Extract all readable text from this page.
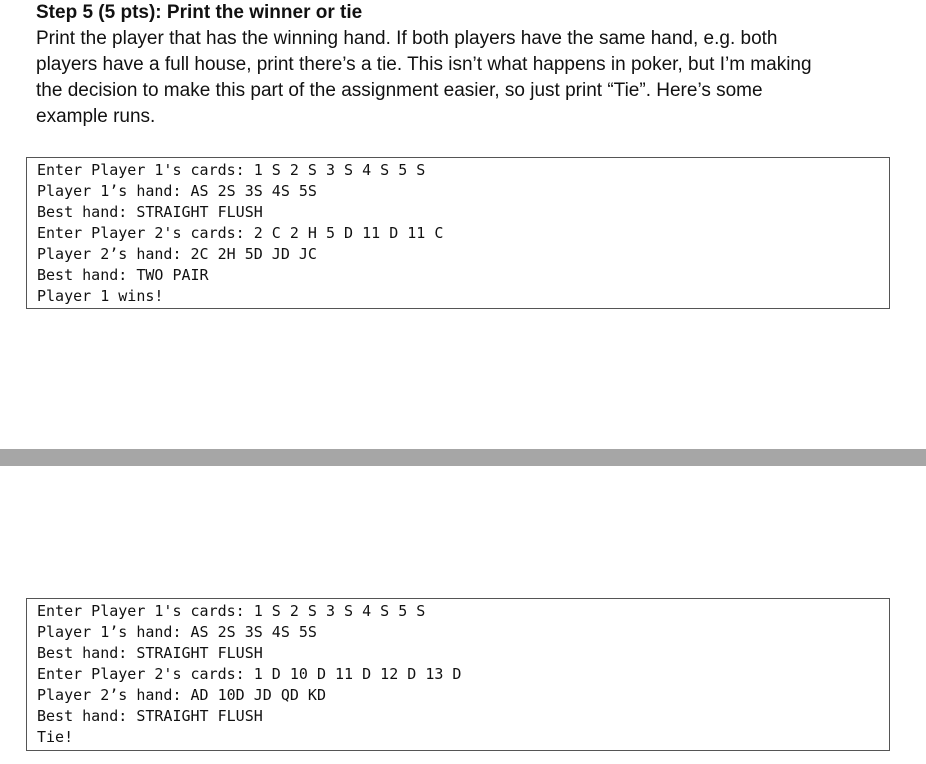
Step 5 (5 pts): Print the winner or tie
Print the player that has the winning hand. If both players have the same hand, e.g. both
players have a full house, print there’s a tie. This isn’t what happens in poker, but I’m making
the decision to make this part of the assignment easier, so just print “Tie”. Here’s some
example runs.
Enter Player 1's cards: 1 S 2 S 3 S 4 S 5 S
Player 1’s hand: AS 2S 3S 4S 5S
Best hand: STRAIGHT FLUSH
Enter Player 2's cards: 2 C 2 H 5 D 11 D 11 C
Player 2’s hand: 2C 2H 5D JD JC
Best hand: TWO PAIR
Player 1 wins!
Enter Player 1's cards: 1 S 2 S 3 S 4 S 5 S
Player 1’s hand: AS 2S 3S 4S 5S
Best hand: STRAIGHT FLUSH
Enter Player 2's cards: 1 D 10 D 11 D 12 D 13 D
Player 2’s hand: AD 10D JD QD KD
Best hand: STRAIGHT FLUSH
Tie!
